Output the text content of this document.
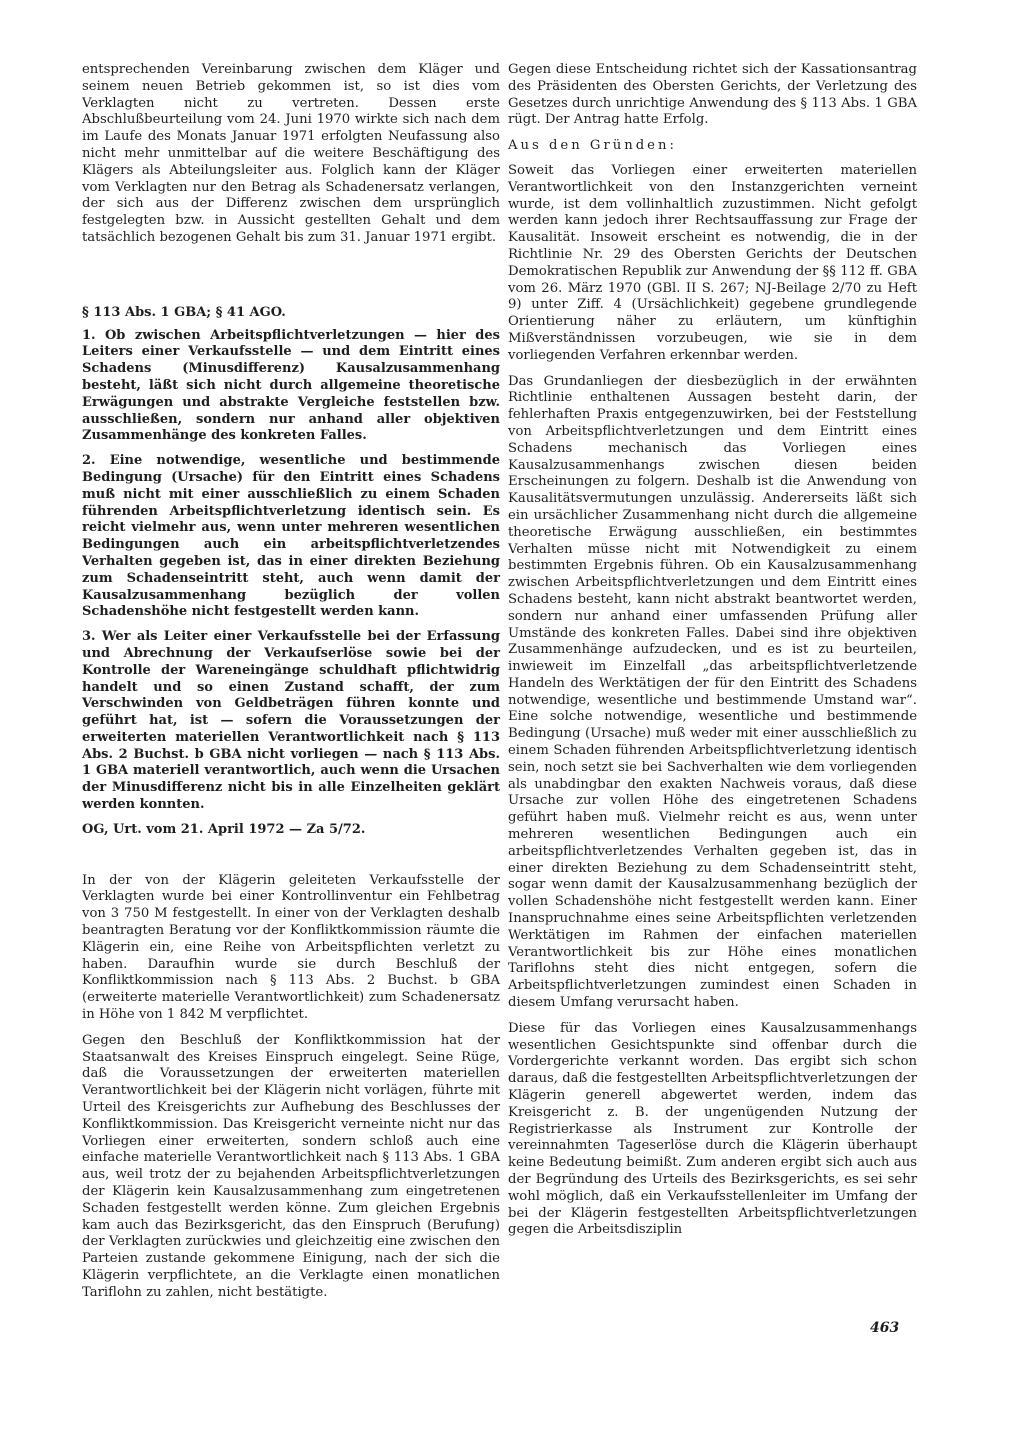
entsprechenden Vereinbarung zwischen dem Kläger und seinem neuen Betrieb gekommen ist, so ist dies vom Verklagten nicht zu vertreten. Dessen erste Abschlußbeurteilung vom 24. Juni 1970 wirkte sich nach dem im Laufe des Monats Januar 1971 erfolgten Neufassung also nicht mehr unmittelbar auf die weitere Beschäftigung des Klägers als Abteilungsleiter aus. Folglich kann der Kläger vom Verklagten nur den Betrag als Schadenersatz verlangen, der sich aus der Differenz zwischen dem ursprünglich festgelegten bzw. in Aussicht gestellten Gehalt und dem tatsächlich bezogenen Gehalt bis zum 31. Januar 1971 ergibt.

§ 113 Abs. 1 GBA; § 41 AGO.

1. Ob zwischen Arbeitspflichtverletzungen — hier des Leiters einer Verkaufsstelle — und dem Eintritt eines Schadens (Minusdifferenz) Kausalzusammenhang besteht, läßt sich nicht durch allgemeine theoretische Erwägungen und abstrakte Vergleiche feststellen bzw. ausschließen, sondern nur anhand aller objektiven Zusammenhänge des konkreten Falles.

2. Eine notwendige, wesentliche und bestimmende Bedingung (Ursache) für den Eintritt eines Schadens muß nicht mit einer ausschließlich zu einem Schaden führenden Arbeitspflichtverletzung identisch sein. Es reicht vielmehr aus, wenn unter mehreren wesentlichen Bedingungen auch ein arbeitspflichtverletzendes Verhalten gegeben ist, das in einer direkten Beziehung zum Schadenseintritt steht, auch wenn damit der Kausalzusammenhang bezüglich der vollen Schadenshöhe nicht festgestellt werden kann.

3. Wer als Leiter einer Verkaufsstelle bei der Erfassung und Abrechnung der Verkaufserlöse sowie bei der Kontrolle der Wareneingänge schuldhaft pflichtwidrig handelt und so einen Zustand schafft, der zum Verschwinden von Geldbeträgen führen konnte und geführt hat, ist — sofern die Voraussetzungen der erweiterten materiellen Verantwortlichkeit nach § 113 Abs. 2 Buchst. b GBA nicht vorliegen — nach § 113 Abs. 1 GBA materiell verantwortlich, auch wenn die Ursachen der Minusdifferenz nicht bis in alle Einzelheiten geklärt werden konnten.

OG, Urt. vom 21. April 1972 — Za 5/72.

In der von der Klägerin geleiteten Verkaufsstelle der Verklagten wurde bei einer Kontrollinventur ein Fehlbetrag von 3 750 M festgestellt. In einer von der Verklagten deshalb beantragten Beratung vor der Konfliktkommission räumte die Klägerin ein, eine Reihe von Arbeitspflichten verletzt zu haben. Daraufhin wurde sie durch Beschluß der Konfliktkommission nach § 113 Abs. 2 Buchst. b GBA (erweiterte materielle Verantwortlichkeit) zum Schadenersatz in Höhe von 1 842 M verpflichtet.

Gegen den Beschluß der Konfliktkommission hat der Staatsanwalt des Kreises Einspruch eingelegt. Seine Rüge, daß die Voraussetzungen der erweiterten materiellen Verantwortlichkeit bei der Klägerin nicht vorlägen, führte mit Urteil des Kreisgerichts zur Aufhebung des Beschlusses der Konfliktkommission. Das Kreisgericht verneinte nicht nur das Vorliegen einer erweiterten, sondern schloß auch eine einfache materielle Verantwortlichkeit nach § 113 Abs. 1 GBA aus, weil trotz der zu bejahenden Arbeitspflichtverletzungen der Klägerin kein Kausalzusammenhang zum eingetretenen Schaden festgestellt werden könne. Zum gleichen Ergebnis kam auch das Bezirksgericht, das den Einspruch (Berufung) der Verklagten zurückwies und gleichzeitig eine zwischen den Parteien zustande gekommene Einigung, nach der sich die Klägerin verpflichtete, an die Verklagte einen monatlichen Tariflohn zu zahlen, nicht bestätigte.

Gegen diese Entscheidung richtet sich der Kassationsantrag des Präsidenten des Obersten Gerichts, der Verletzung des Gesetzes durch unrichtige Anwendung des § 113 Abs. 1 GBA rügt. Der Antrag hatte Erfolg.

Aus den Gründen:

Soweit das Vorliegen einer erweiterten materiellen Verantwortlichkeit von den Instanzgerichten verneint wurde, ist dem vollinhaltlich zuzustimmen. Nicht gefolgt werden kann jedoch ihrer Rechtsauffassung zur Frage der Kausalität. Insoweit erscheint es notwendig, die in der Richtlinie Nr. 29 des Obersten Gerichts der Deutschen Demokratischen Republik zur Anwendung der §§ 112 ff. GBA vom 26. März 1970 (GBl. II S. 267; NJ-Beilage 2/70 zu Heft 9) unter Ziff. 4 (Ursächlichkeit) gegebene grundlegende Orientierung näher zu erläutern, um künftighin Mißverständnissen vorzubeugen, wie sie in dem vorliegenden Verfahren erkennbar werden.

Das Grundanliegen der diesbezüglich in der erwähnten Richtlinie enthaltenen Aussagen besteht darin, der fehlerhaften Praxis entgegenzuwirken, bei der Feststellung von Arbeitspflichtverletzungen und dem Eintritt eines Schadens mechanisch das Vorliegen eines Kausalzusammenhangs zwischen diesen beiden Erscheinungen zu folgern. Deshalb ist die Anwendung von Kausalitätsvermutungen unzulässig. Andererseits läßt sich ein ursächlicher Zusammenhang nicht durch die allgemeine theoretische Erwägung ausschließen, ein bestimmtes Verhalten müsse nicht mit Notwendigkeit zu einem bestimmten Ergebnis führen. Ob ein Kausalzusammenhang zwischen Arbeitspflichtverletzungen und dem Eintritt eines Schadens besteht, kann nicht abstrakt beantwortet werden, sondern nur anhand einer umfassenden Prüfung aller Umstände des konkreten Falles. Dabei sind ihre objektiven Zusammenhänge aufzudecken, und es ist zu beurteilen, inwieweit im Einzelfall „das arbeitspflichtverletzende Handeln des Werktätigen der für den Eintritt des Schadens notwendige, wesentliche und bestimmende Umstand war“. Eine solche notwendige, wesentliche und bestimmende Bedingung (Ursache) muß weder mit einer ausschließlich zu einem Schaden führenden Arbeitspflichtverletzung identisch sein, noch setzt sie bei Sachverhalten wie dem vorliegenden als unabdingbar den exakten Nachweis voraus, daß diese Ursache zur vollen Höhe des eingetretenen Schadens geführt haben muß. Vielmehr reicht es aus, wenn unter mehreren wesentlichen Bedingungen auch ein arbeitspflichtverletzendes Verhalten gegeben ist, das in einer direkten Beziehung zu dem Schadenseintritt steht, sogar wenn damit der Kausalzusammenhang bezüglich der vollen Schadenshöhe nicht festgestellt werden kann. Einer Inanspruchnahme eines seine Arbeitspflichten verletzenden Werktätigen im Rahmen der einfachen materiellen Verantwortlichkeit bis zur Höhe eines monatlichen Tariflohns steht dies nicht entgegen, sofern die Arbeitspflichtverletzungen zumindest einen Schaden in diesem Umfang verursacht haben.

Diese für das Vorliegen eines Kausalzusammenhangs wesentlichen Gesichtspunkte sind offenbar durch die Vordergerichte verkannt worden. Das ergibt sich schon daraus, daß die festgestellten Arbeitspflichtverletzungen der Klägerin generell abgewertet werden, indem das Kreisgericht z. B. der ungenügenden Nutzung der Registrierkasse als Instrument zur Kontrolle der vereinnahmten Tageserlöse durch die Klägerin überhaupt keine Bedeutung beimißt. Zum anderen ergibt sich auch aus der Begründung des Urteils des Bezirksgerichts, es sei sehr wohl möglich, daß ein Verkaufsstellenleiter im Umfang der bei der Klägerin festgestellten Arbeitspflichtverletzungen gegen die Arbeitsdisziplin

463
